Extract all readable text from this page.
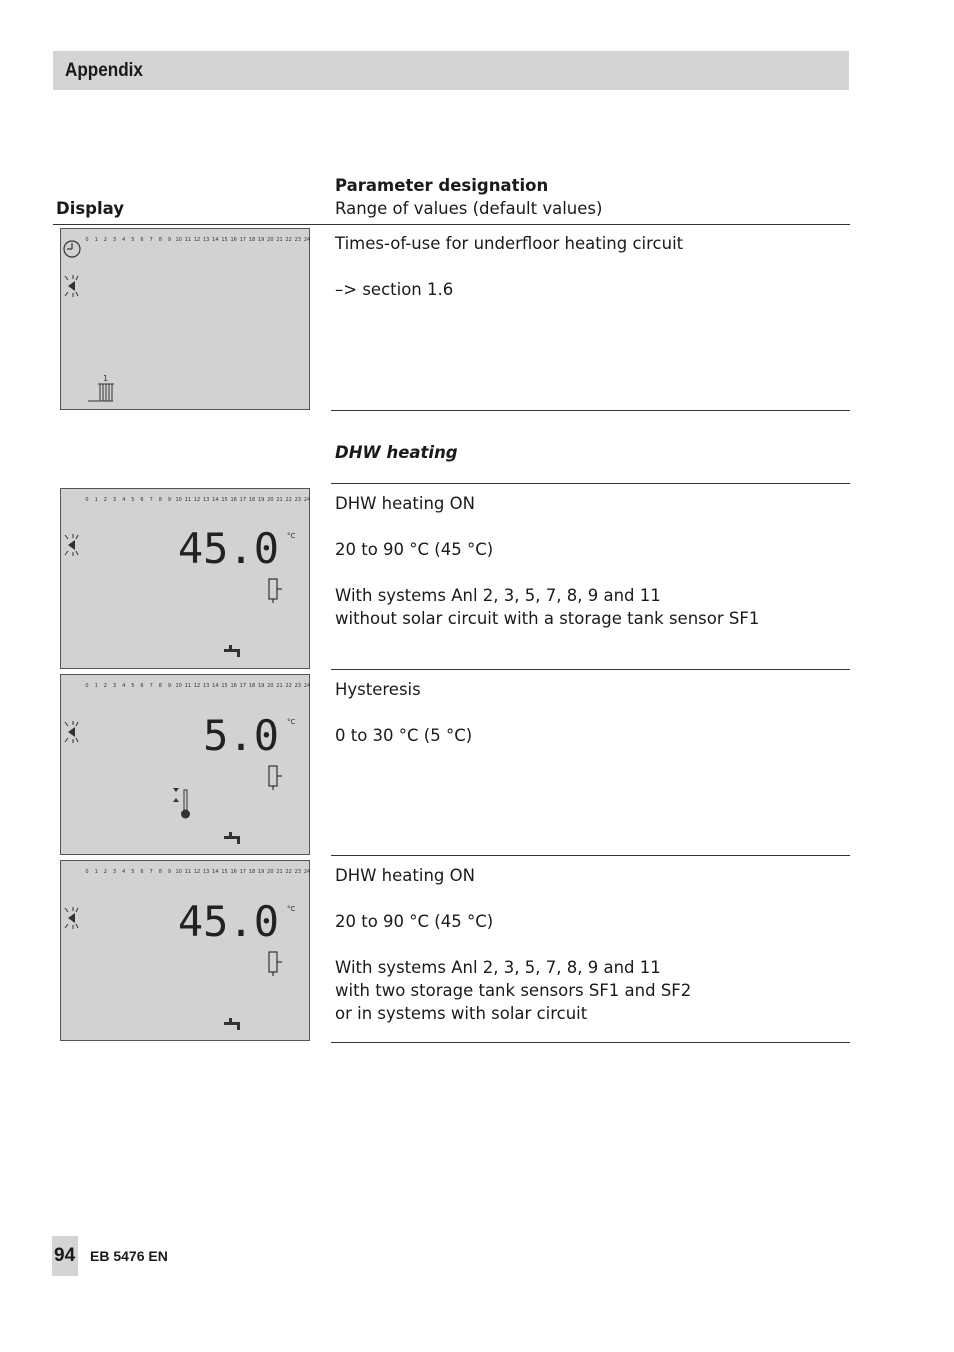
Appendix
Parameter designation
Display	Range of values (default values)
0 1 2 3 4 5 6 7 8 9 10 11 12 13 14 15 16 17 18 19 20 21 22 23 24
1
Times-of-use for underfloor heating circuit

–> section 1.6
DHW heating
0 1 2 3 4 5 6 7 8 9 10 11 12 13 14 15 16 17 18 19 20 21 22 23 24
45.0 °C
DHW heating ON

20 to 90 °C (45 °C)

With systems Anl 2, 3, 5, 7, 8, 9 and 11
without solar circuit with a storage tank sensor SF1
0 1 2 3 4 5 6 7 8 9 10 11 12 13 14 15 16 17 18 19 20 21 22 23 24
5.0 °C
Hysteresis

0 to 30 °C (5 °C)
0 1 2 3 4 5 6 7 8 9 10 11 12 13 14 15 16 17 18 19 20 21 22 23 24
45.0 °C
DHW heating ON

20 to 90 °C (45 °C)

With systems Anl 2, 3, 5, 7, 8, 9 and 11
with two storage tank sensors SF1 and SF2
or in systems with solar circuit
94 EB 5476 EN
